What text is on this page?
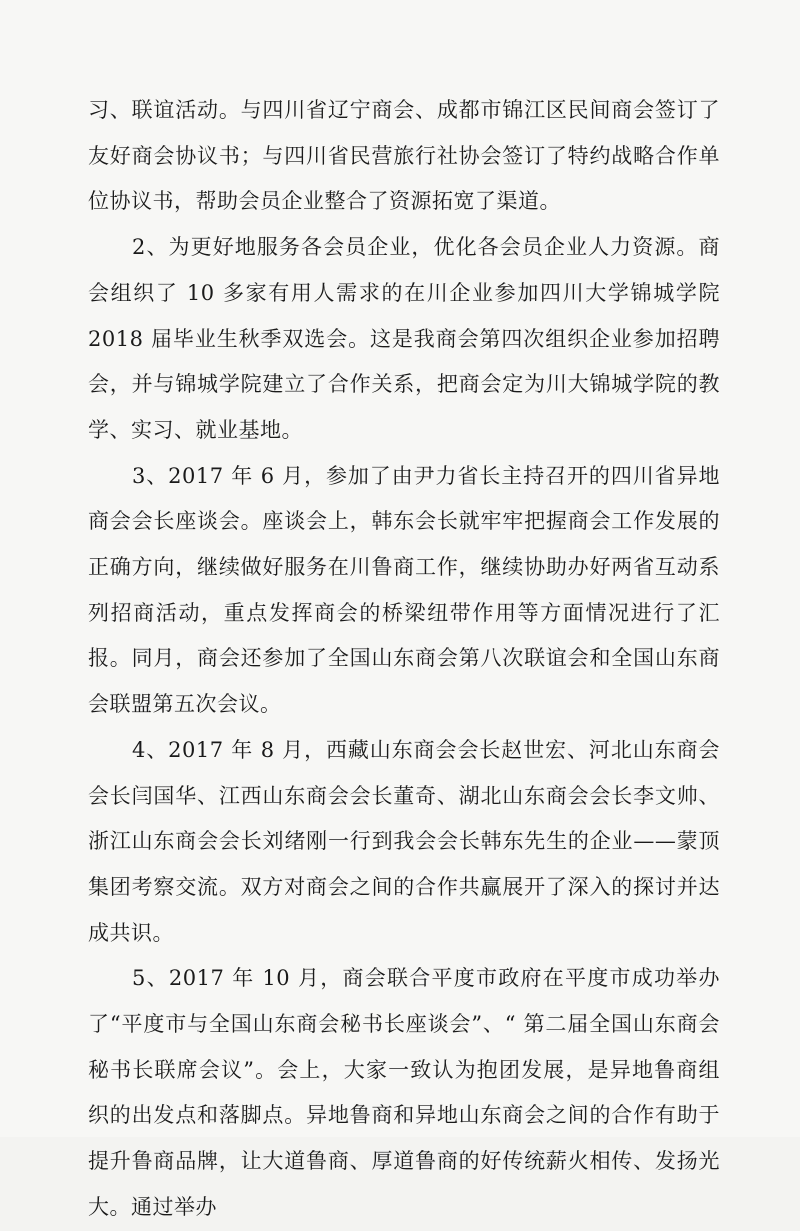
习、联谊活动。与四川省辽宁商会、成都市锦江区民间商会签订了友好商会协议书；与四川省民营旅行社协会签订了特约战略合作单位协议书，帮助会员企业整合了资源拓宽了渠道。

2、为更好地服务各会员企业，优化各会员企业人力资源。商会组织了 10 多家有用人需求的在川企业参加四川大学锦城学院 2018 届毕业生秋季双选会。这是我商会第四次组织企业参加招聘会，并与锦城学院建立了合作关系，把商会定为川大锦城学院的教学、实习、就业基地。

3、2017 年 6 月，参加了由尹力省长主持召开的四川省异地商会会长座谈会。座谈会上，韩东会长就牢牢把握商会工作发展的正确方向，继续做好服务在川鲁商工作，继续协助办好两省互动系列招商活动，重点发挥商会的桥梁纽带作用等方面情况进行了汇报。同月，商会还参加了全国山东商会第八次联谊会和全国山东商会联盟第五次会议。

4、2017 年 8 月，西藏山东商会会长赵世宏、河北山东商会会长闫国华、江西山东商会会长董奇、湖北山东商会会长李文帅、浙江山东商会会长刘绪刚一行到我会会长韩东先生的企业——蒙顶集团考察交流。双方对商会之间的合作共赢展开了深入的探讨并达成共识。

5、2017 年 10 月，商会联合平度市政府在平度市成功举办了“平度市与全国山东商会秘书长座谈会”、“ 第二届全国山东商会秘书长联席会议”。会上，大家一致认为抱团发展，是异地鲁商组织的出发点和落脚点。异地鲁商和异地山东商会之间的合作有助于提升鲁商品牌，让大道鲁商、厚道鲁商的好传统薪火相传、发扬光大。通过举办
